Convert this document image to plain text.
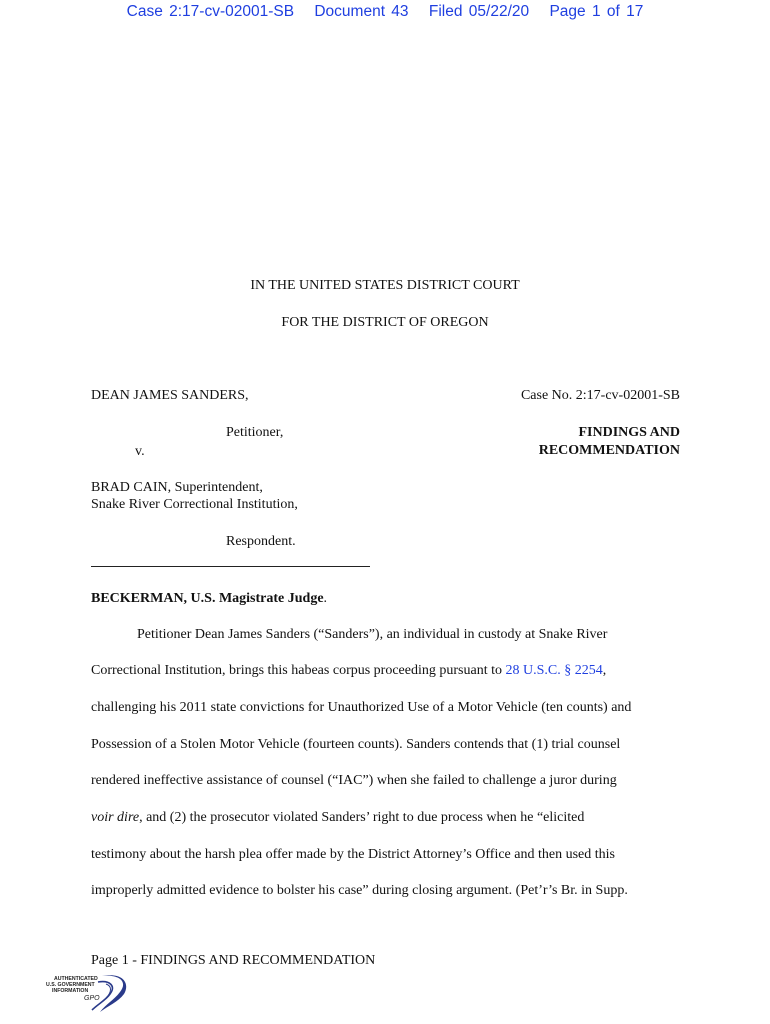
Case 2:17-cv-02001-SB Document 43 Filed 05/22/20 Page 1 of 17
IN THE UNITED STATES DISTRICT COURT
FOR THE DISTRICT OF OREGON
DEAN JAMES SANDERS,
Petitioner,
v.
BRAD CAIN, Superintendent,
Snake River Correctional Institution,
Respondent.
Case No. 2:17-cv-02001-SB
FINDINGS AND
RECOMMENDATION
BECKERMAN, U.S. Magistrate Judge.
Petitioner Dean James Sanders (“Sanders”), an individual in custody at Snake River
Correctional Institution, brings this habeas corpus proceeding pursuant to 28 U.S.C. § 2254,
challenging his 2011 state convictions for Unauthorized Use of a Motor Vehicle (ten counts) and
Possession of a Stolen Motor Vehicle (fourteen counts). Sanders contends that (1) trial counsel
rendered ineffective assistance of counsel (“IAC”) when she failed to challenge a juror during
voir dire, and (2) the prosecutor violated Sanders’ right to due process when he “elicited
testimony about the harsh plea offer made by the District Attorney’s Office and then used this
improperly admitted evidence to bolster his case” during closing argument. (Pet’r’s Br. in Supp.
Page 1 - FINDINGS AND RECOMMENDATION
AUTHENTICATED
U.S. GOVERNMENT
INFORMATION
GPO
